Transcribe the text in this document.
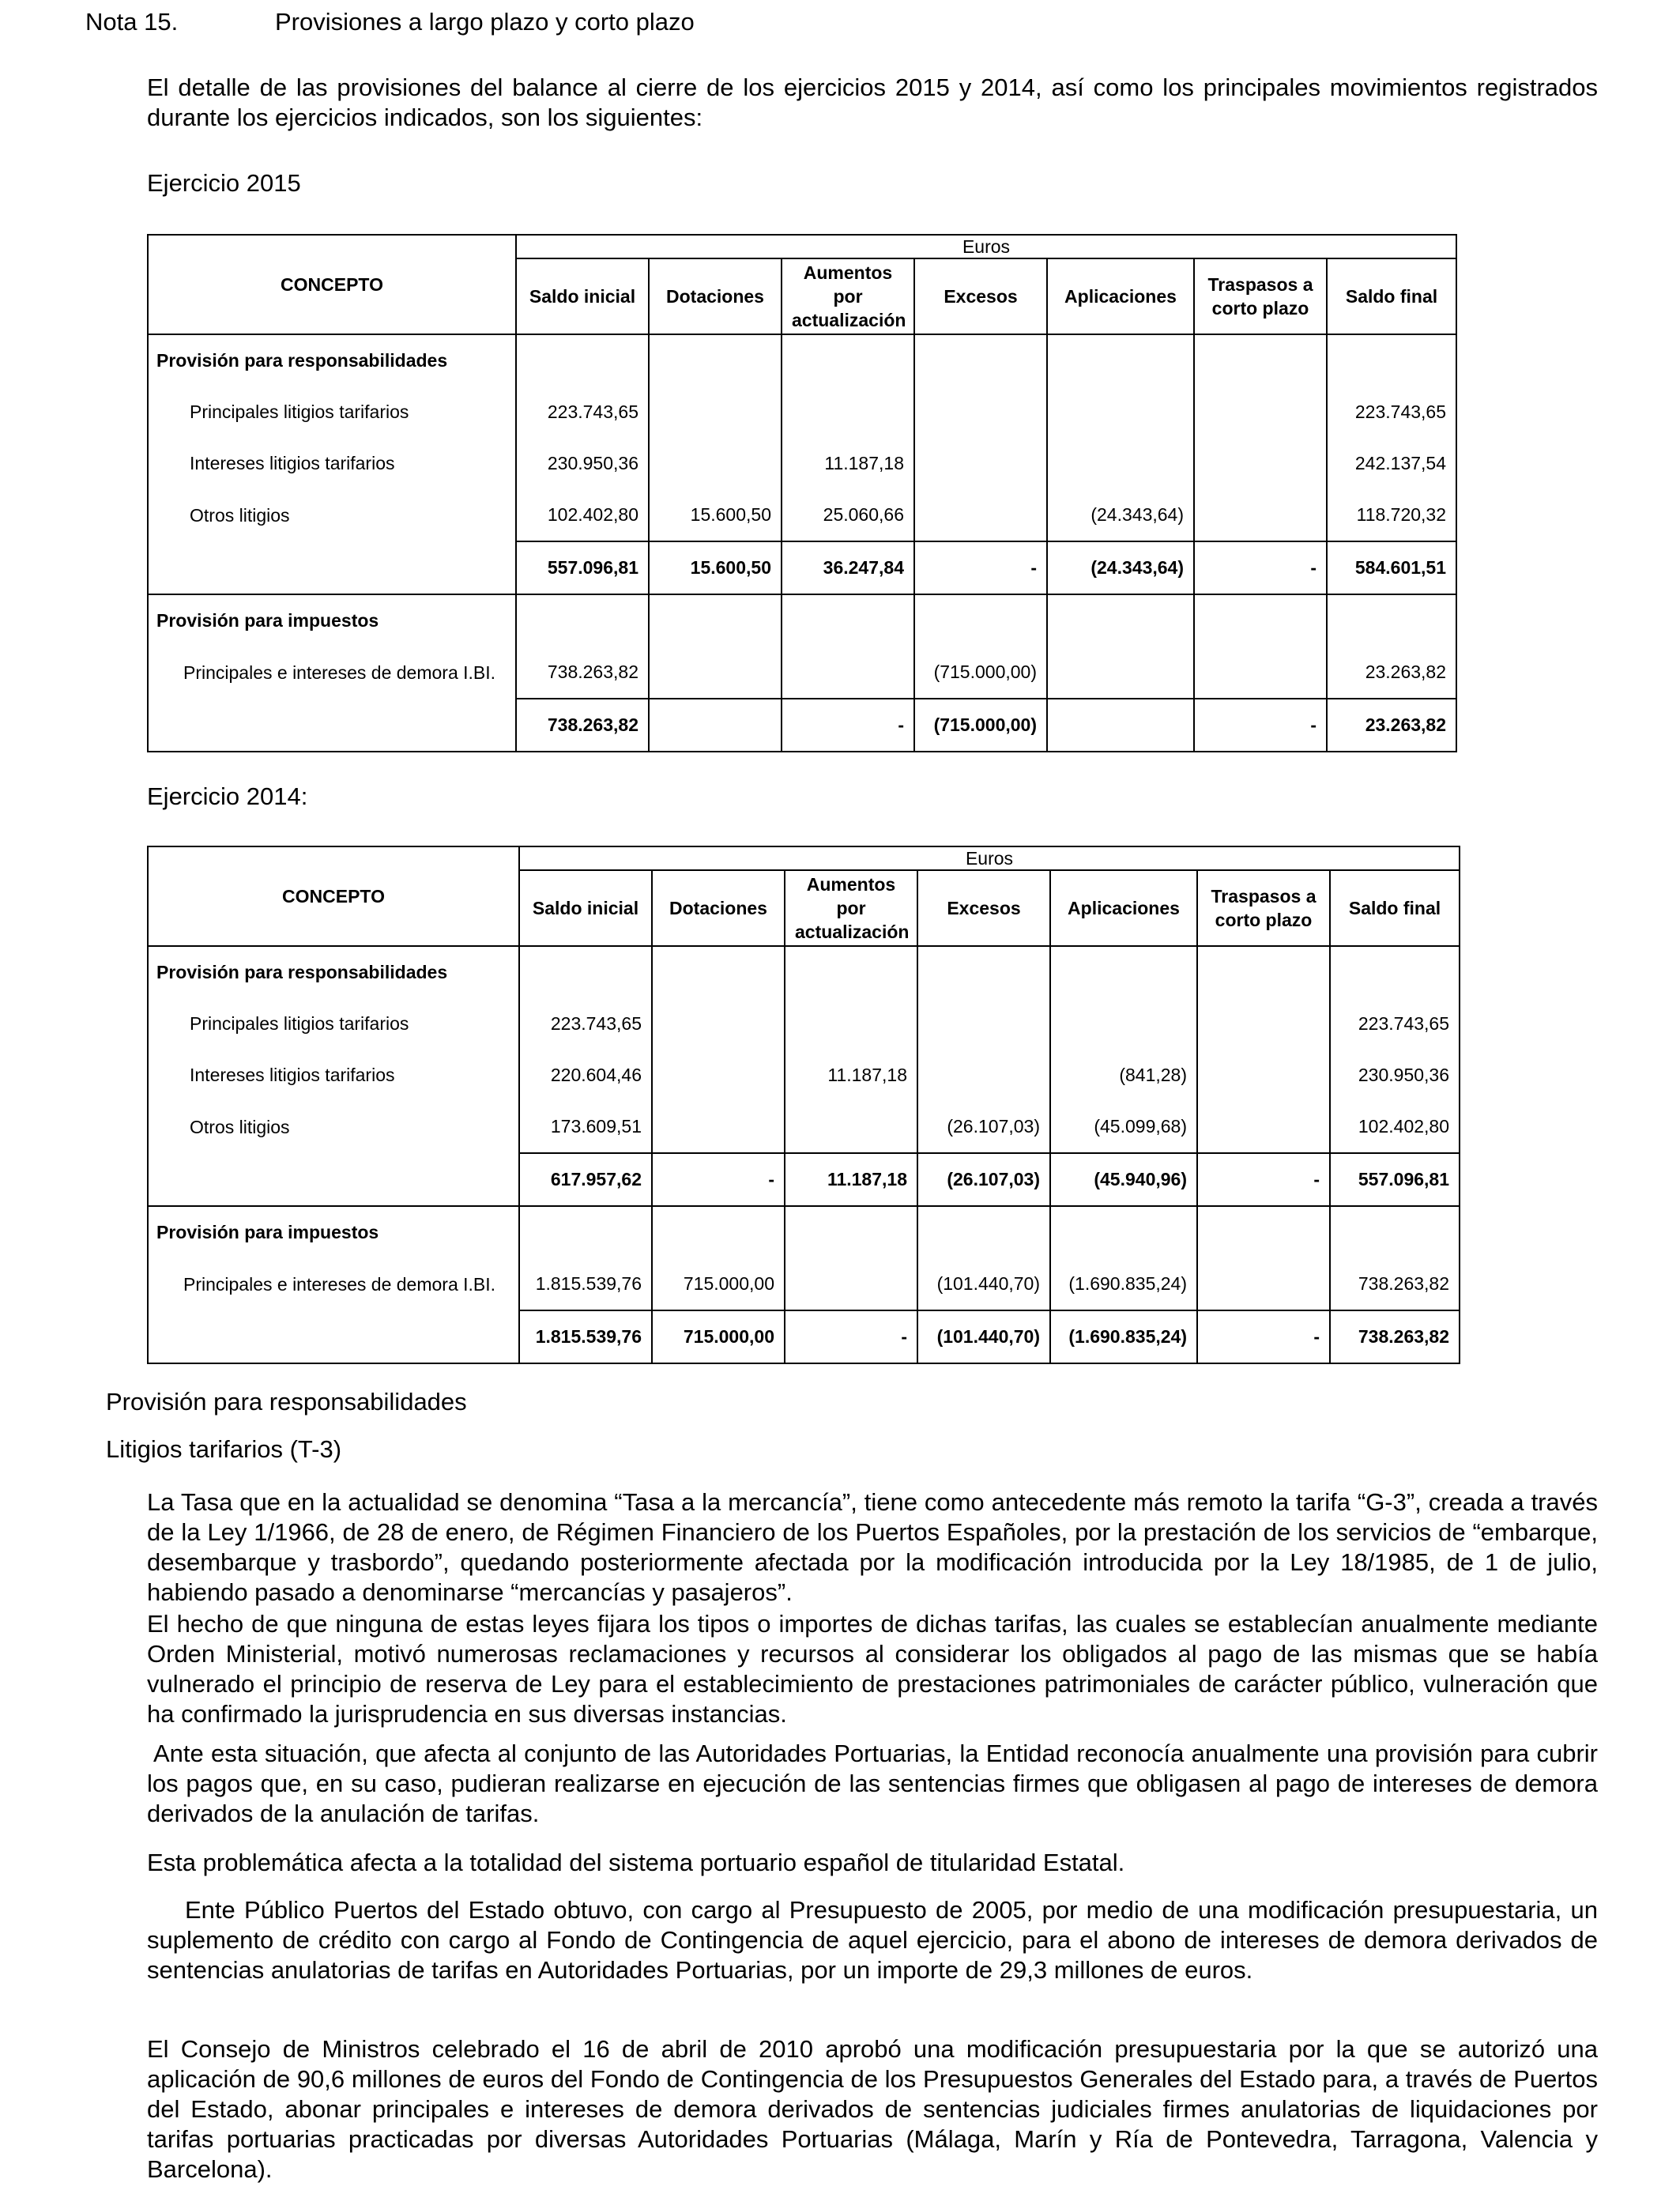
Nota 15.	Provisiones a largo plazo y corto plazo
El detalle de las provisiones del balance al cierre de los ejercicios 2015 y 2014, así como los principales movimientos registrados durante los ejercicios indicados, son los siguientes:
Ejercicio 2015
CONCEPTO	Euros						
	Saldo inicial	Dotaciones	Aumentos por actualización	Excesos	Aplicaciones	Traspasos a corto plazo	Saldo final
Provisión para responsabilidades							
Principales litigios tarifarios	223.743,65						223.743,65
Intereses litigios tarifarios	230.950,36		11.187,18				242.137,54
Otros litigios	102.402,80	15.600,50	25.060,66		(24.343,64)		118.720,32
	557.096,81	15.600,50	36.247,84	-	(24.343,64)	-	584.601,51
Provisión para impuestos							
Principales e intereses de demora I.BI.	738.263,82			(715.000,00)			23.263,82
	738.263,82		-	(715.000,00)		-	23.263,82
Ejercicio 2014:
CONCEPTO	Euros						
	Saldo inicial	Dotaciones	Aumentos por actualización	Excesos	Aplicaciones	Traspasos a corto plazo	Saldo final
Provisión para responsabilidades							
Principales litigios tarifarios	223.743,65						223.743,65
Intereses litigios tarifarios	220.604,46		11.187,18		(841,28)		230.950,36
Otros litigios	173.609,51			(26.107,03)	(45.099,68)		102.402,80
	617.957,62	-	11.187,18	(26.107,03)	(45.940,96)	-	557.096,81
Provisión para impuestos							
Principales e intereses de demora I.BI.	1.815.539,76	715.000,00		(101.440,70)	(1.690.835,24)		738.263,82
	1.815.539,76	715.000,00	-	(101.440,70)	(1.690.835,24)	-	738.263,82
Provisión para responsabilidades
Litigios tarifarios (T-3)
La Tasa que en la actualidad se denomina “Tasa a la mercancía”, tiene como antecedente más remoto la tarifa “G-3”, creada a través de la Ley 1/1966, de 28 de enero, de Régimen Financiero de los Puertos Españoles, por la prestación de los servicios de “embarque, desembarque y trasbordo”, quedando posteriormente afectada por la modificación introducida por la Ley 18/1985, de 1 de julio, habiendo pasado a denominarse “mercancías y pasajeros”.
El hecho de que ninguna de estas leyes fijara los tipos o importes de dichas tarifas, las cuales se establecían anualmente mediante Orden Ministerial, motivó numerosas reclamaciones y recursos al considerar los obligados al pago de las mismas que se había vulnerado el principio de reserva de Ley para el establecimiento de prestaciones patrimoniales de carácter público, vulneración que ha confirmado la jurisprudencia en sus diversas instancias.
Ante esta situación, que afecta al conjunto de las Autoridades Portuarias, la Entidad reconocía anualmente una provisión para cubrir los pagos que, en su caso, pudieran realizarse en ejecución de las sentencias firmes que obligasen al pago de intereses de demora derivados de la anulación de tarifas.
Esta problemática afecta a la totalidad del sistema portuario español de titularidad Estatal.
Ente Público Puertos del Estado obtuvo, con cargo al Presupuesto de 2005, por medio de una modificación presupuestaria, un suplemento de crédito con cargo al Fondo de Contingencia de aquel ejercicio, para el abono de intereses de demora derivados de sentencias anulatorias de tarifas en Autoridades Portuarias, por un importe de 29,3 millones de euros.
El Consejo de Ministros celebrado el 16 de abril de 2010 aprobó una modificación presupuestaria por la que se autorizó una aplicación de 90,6 millones de euros del Fondo de Contingencia de los Presupuestos Generales del Estado para, a través de Puertos del Estado, abonar principales e intereses de demora derivados de sentencias judiciales firmes anulatorias de liquidaciones por tarifas portuarias practicadas por diversas Autoridades Portuarias (Málaga, Marín y Ría de Pontevedra, Tarragona, Valencia y Barcelona).
